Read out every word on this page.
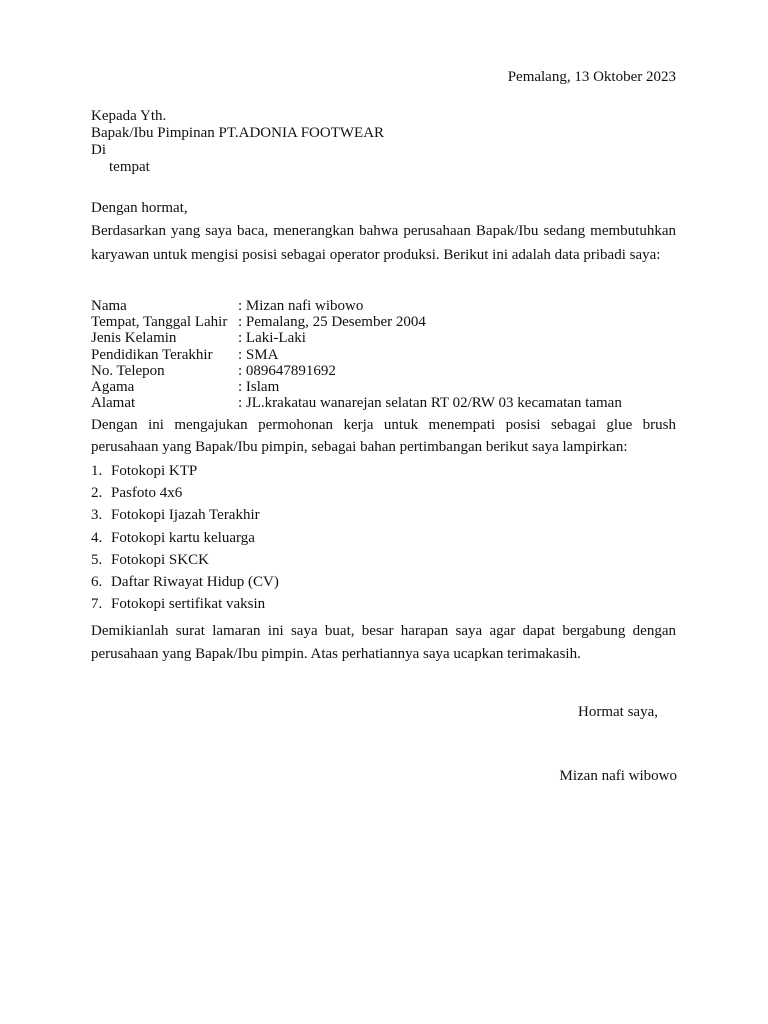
Pemalang, 13 Oktober 2023
Kepada Yth.
Bapak/Ibu Pimpinan PT.ADONIA FOOTWEAR
Di
tempat
Dengan hormat,
Berdasarkan yang saya baca, menerangkan bahwa perusahaan Bapak/Ibu sedang membutuhkan karyawan untuk mengisi posisi sebagai operator produksi. Berikut ini adalah data pribadi saya:
Nama	: Mizan nafi wibowo
Tempat, Tanggal Lahir : Pemalang, 25 Desember 2004
Jenis Kelamin	: Laki-Laki
Pendidikan Terakhir	: SMA
No. Telepon	: 089647891692
Agama	: Islam
Alamat	: JL.krakatau wanarejan selatan RT 02/RW 03 kecamatan taman
Dengan ini mengajukan permohonan kerja untuk menempati posisi sebagai glue brush perusahaan yang Bapak/Ibu pimpin, sebagai bahan pertimbangan berikut saya lampirkan:
1. Fotokopi KTP
2. Pasfoto 4x6
3. Fotokopi Ijazah Terakhir
4. Fotokopi kartu keluarga
5. Fotokopi SKCK
6. Daftar Riwayat Hidup (CV)
7. Fotokopi sertifikat vaksin
Demikianlah surat lamaran ini saya buat, besar harapan saya agar dapat bergabung dengan perusahaan yang Bapak/Ibu pimpin. Atas perhatiannya saya ucapkan terimakasih.
Hormat saya,
Mizan nafi wibowo
